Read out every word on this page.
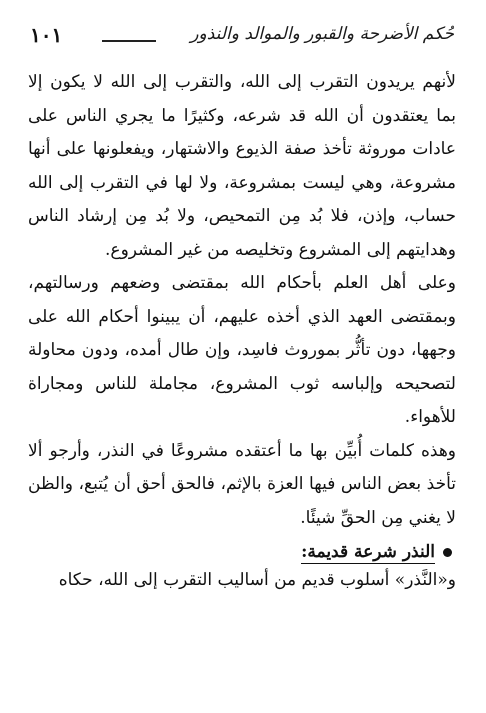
حُكم الأضرحة والقبور والموالد والنذور
١٠١

لأنهم يريدون التقرب إلى الله، والتقرب إلى الله لا يكون إلا بما يعتقدون أن الله قد شرعه، وكثيرًا ما يجري الناس على عادات موروثة تأخذ صفة الذيوع والاشتهار، ويفعلونها على أنها مشروعة، وهي ليست بمشروعة، ولا لها في التقرب إلى الله حساب، وإذن، فلا بُد مِن التمحيص، ولا بُد مِن إرشاد الناس وهدايتهم إلى المشروع وتخليصه من غير المشروع.

وعلى أهل العلم بأحكام الله بمقتضى وضعهم ورسالتهم، وبمقتضى العهد الذي أخذه عليهم، أن يبينوا أحكام الله على وجهها، دون تأثُّر بموروث فاسِد، وإن طال أمده، ودون محاولة لتصحيحه وإلباسه ثوب المشروع، مجاملة للناس ومجاراة للأهواء.

وهذه كلمات أُبيِّن بها ما أعتقده مشروعًا في النذر، وأرجو ألا تأخذ بعض الناس فيها العزة بالإثم، فالحق أحق أن يُتبع، والظن لا يغني مِن الحقِّ شيئًا.

النذر شرعة قديمة:

و«النَّذر» أسلوب قديم من أساليب التقرب إلى الله، حكاه
